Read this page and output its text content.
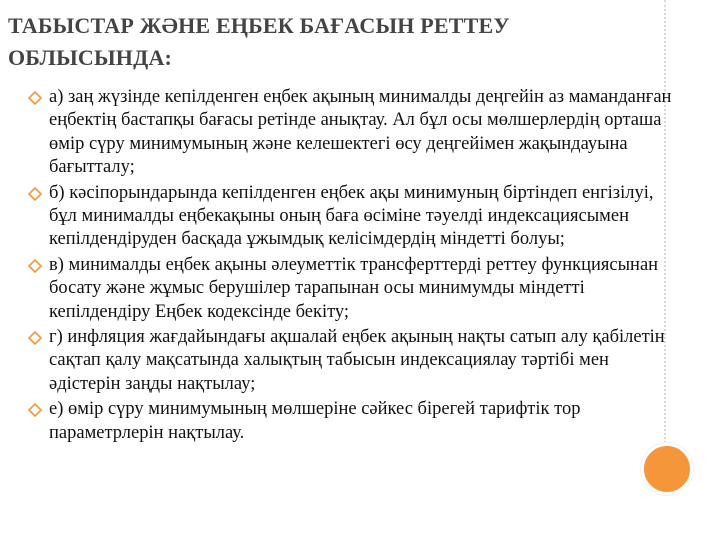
ТАБЫСТАР ЖӘНЕ ЕҢБЕК БАҒАСЫН РЕТТЕУ
ОБЛЫСЫНДА:
а) заң жүзінде кепілденген еңбек ақының минималды деңгейін аз маманданған еңбектің бастапқы бағасы ретінде анықтау. Ал бұл осы мөлшерлердің орташа өмір сүру минимумының және келешектегі өсу деңгейімен жақындауына бағытталу;
б) кәсіпорындарында кепілденген еңбек ақы минимуның біртіндеп енгізілуі, бұл минималды еңбекақыны оның баға өсіміне тәуелді индексациясымен кепілдендіруден басқада ұжымдық келісімдердің міндетті болуы;
в) минималды еңбек ақыны әлеуметтік трансферттерді реттеу функциясынан босату және жұмыс берушілер тарапынан осы минимумды міндетті кепілдендіру Еңбек кодексінде бекіту;
г) инфляция жағдайындағы ақшалай еңбек ақының нақты сатып алу қабілетін сақтап қалу мақсатында халықтың табысын индексациялау тәртібі мен әдістерін заңды нақтылау;
е) өмір сүру минимумының мөлшеріне сәйкес бірегей тарифтік тор параметрлерін нақтылау.
